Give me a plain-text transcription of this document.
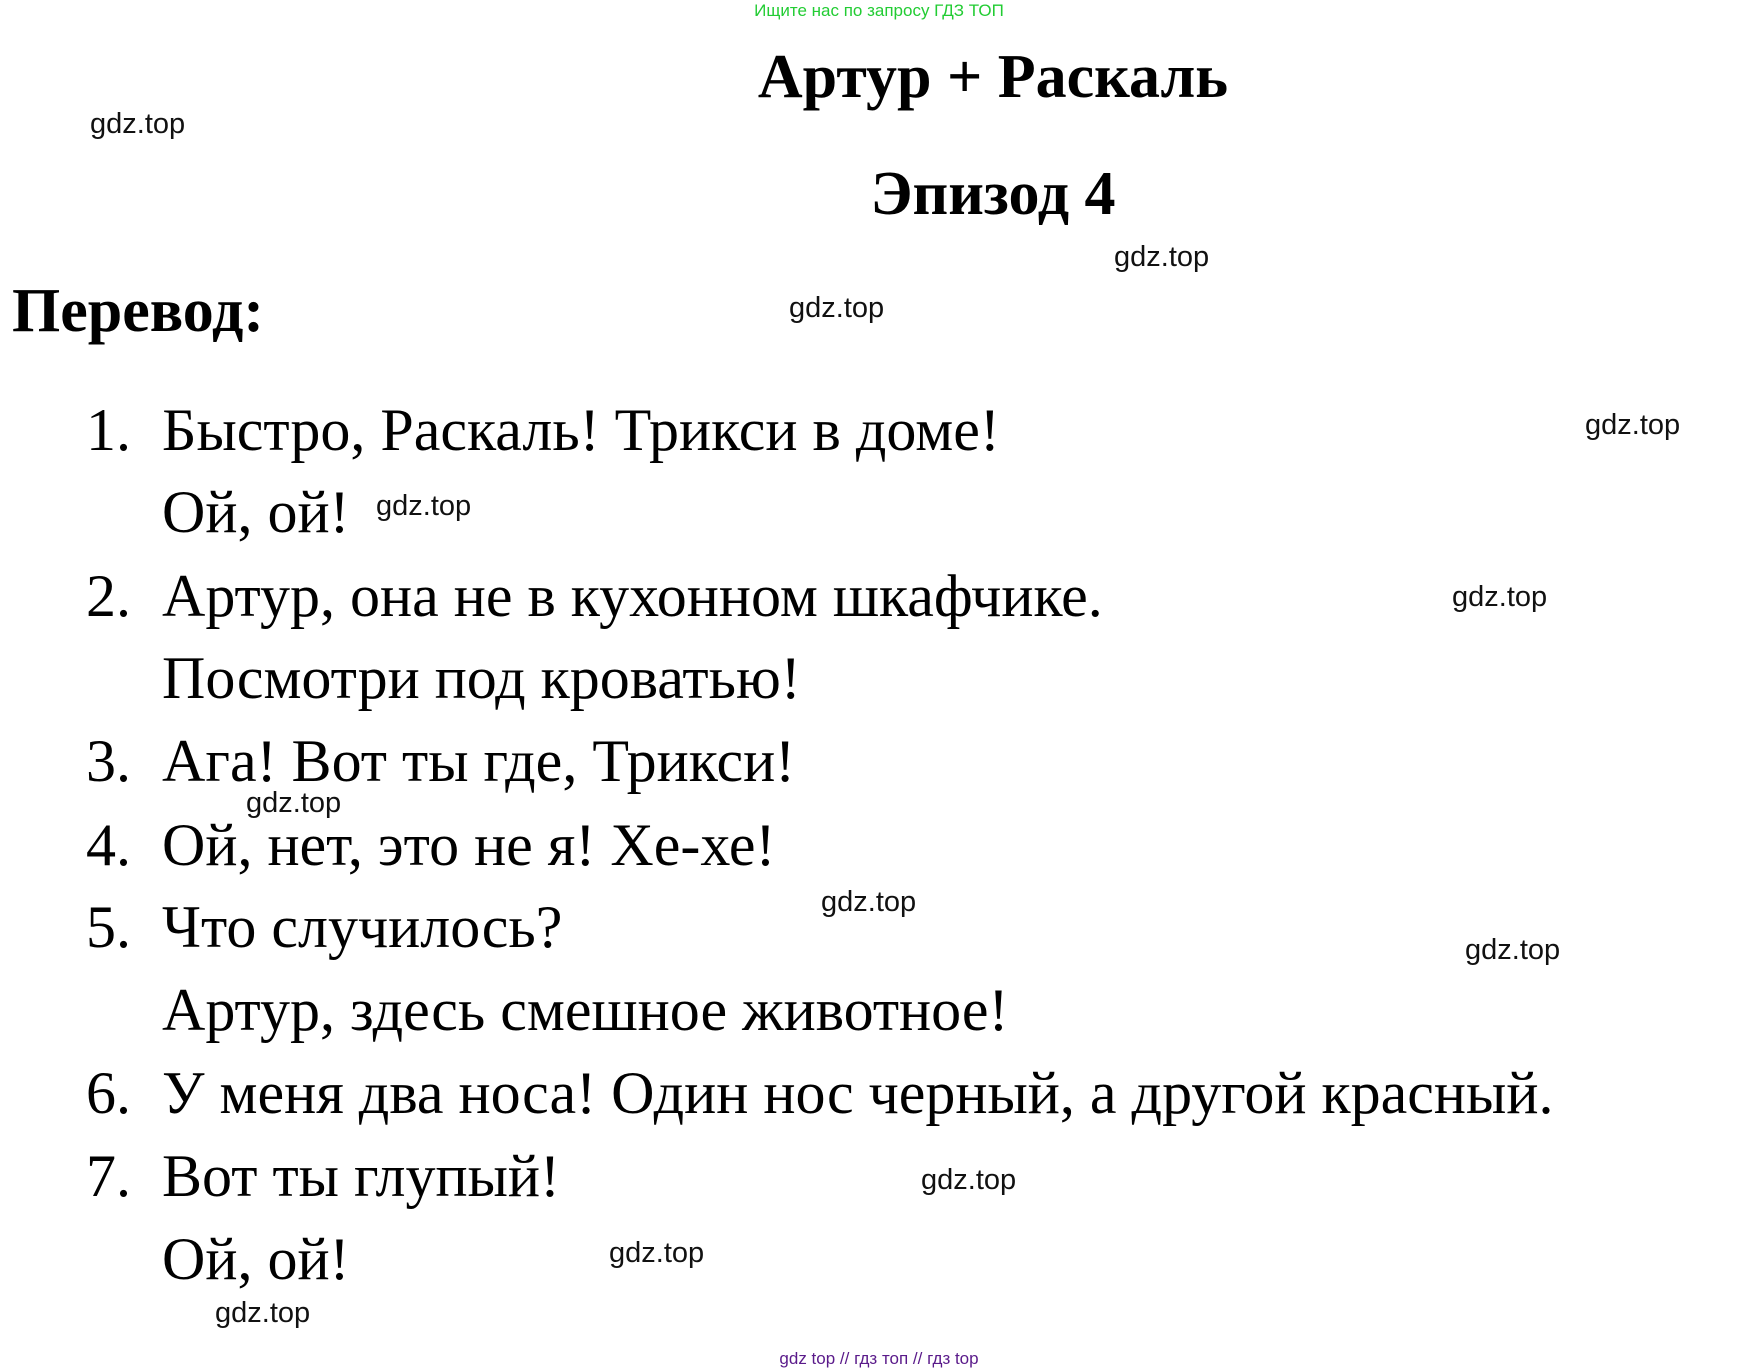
Ищите нас по запросу ГДЗ ТОП
Артур + Раскаль
Эпизод 4
Перевод:
1. Быстро, Раскаль! Трикси в доме!
Ой, ой!
2. Артур, она не в кухонном шкафчике.
Посмотри под кроватью!
3. Ага! Вот ты где, Трикси!
4. Ой, нет, это не я! Хе-хе!
5. Что случилось?
Артур, здесь смешное животное!
6. У меня два носа! Один нос черный, а другой красный.
7. Вот ты глупый!
Ой, ой!
gdz.top
gdz.top
gdz.top
gdz.top
gdz.top
gdz.top
gdz.top
gdz.top
gdz.top
gdz.top
gdz.top
gdz.top
gdz top // гдз топ // гдз top
